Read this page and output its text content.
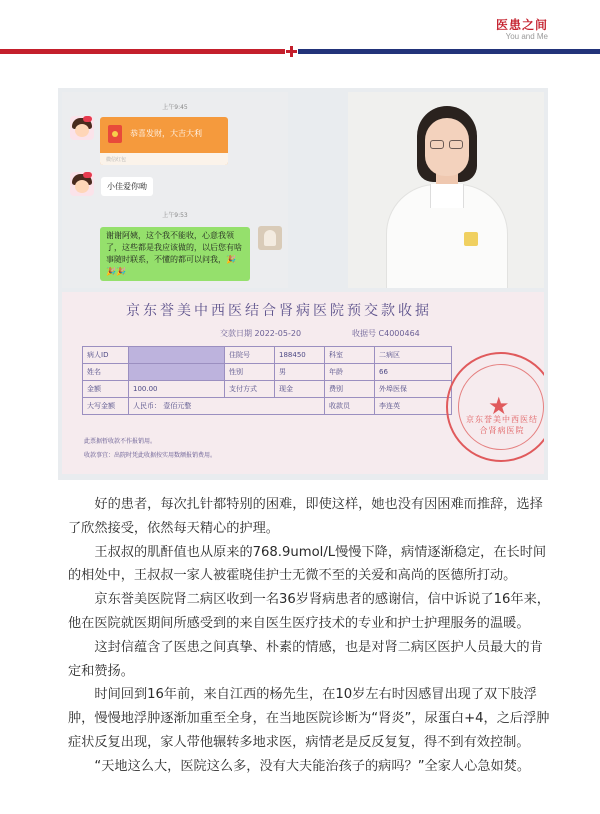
医患之间
You and Me
上午9:45
恭喜发财，大吉大利
微信红包
小佳爱你呦
上午9:53
谢谢阿姨，这个我不能收，心意我领了，这些都是我应该做的，以后您有啥事随时联系，不懂的都可以问我，🎉🎉🎉
京东誉美中西医结合肾病医院预交款收据
交款日期 2022-05-20	收据号 C4000464
病人ID		住院号	188450	科室	二病区
姓名		性别	男	年龄	66
金额	100.00	支付方式	现金	费别	外埠医保
大写金额	人民币： 壹佰元整			收款员	李连英
此票据暂收款不作报销用。
收款事宜：出院时凭此收据按实用数额报销费用。
★
京东誉美中西医结合肾病医院

好的患者，每次扎针都特别的困难，即使这样，她也没有因困难而推辞，选择了欣然接受，依然每天精心的护理。

王叔叔的肌酐值也从原来的768.9umol/L慢慢下降，病情逐渐稳定，在长时间的相处中，王叔叔一家人被霍晓佳护士无微不至的关爱和高尚的医德所打动。

京东誉美医院肾二病区收到一名36岁肾病患者的感谢信，信中诉说了16年来，他在医院就医期间所感受到的来自医生医疗技术的专业和护士护理服务的温暖。

这封信蕴含了医患之间真挚、朴素的情感，也是对肾二病区医护人员最大的肯定和赞扬。

时间回到16年前，来自江西的杨先生，在10岁左右时因感冒出现了双下肢浮肿，慢慢地浮肿逐渐加重至全身，在当地医院诊断为“肾炎”，尿蛋白+4，之后浮肿症状反复出现，家人带他辗转多地求医，病情老是反反复复，得不到有效控制。

“天地这么大，医院这么多，没有大夫能治孩子的病吗？”全家人心急如焚。
